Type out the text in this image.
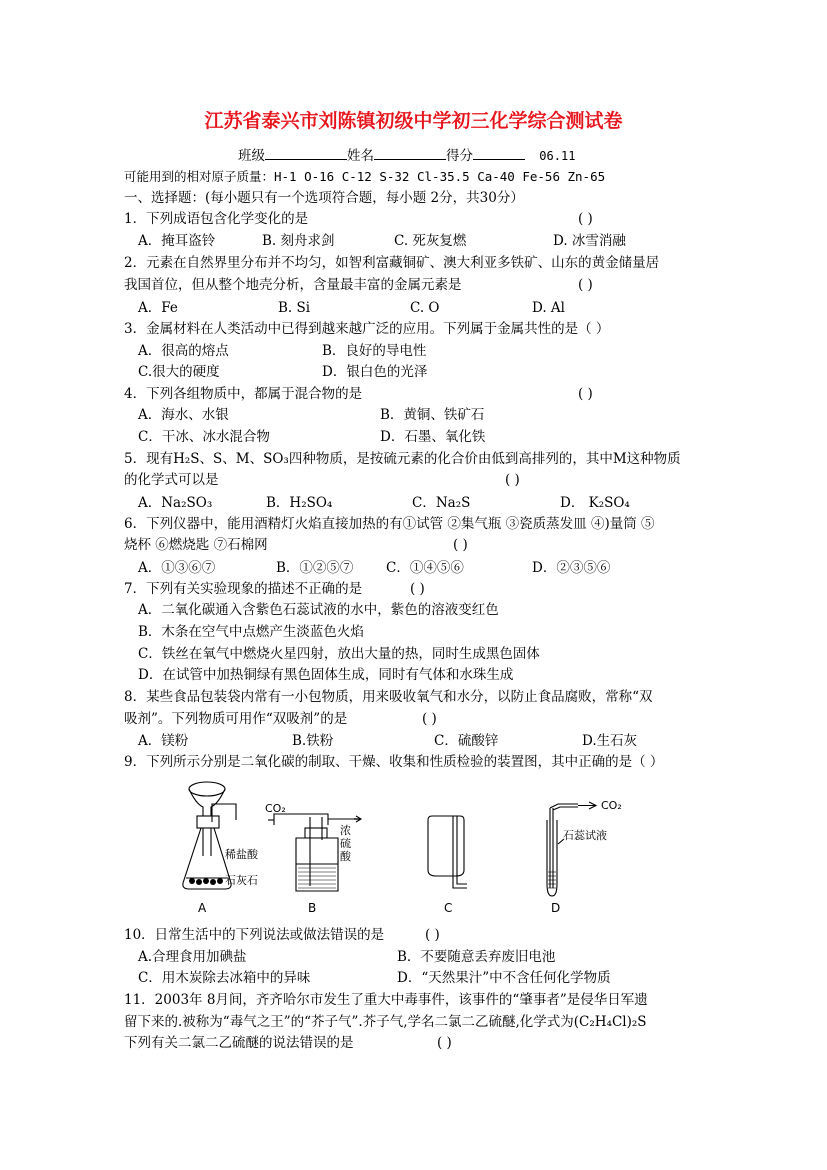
江苏省泰兴市刘陈镇初级中学初三化学综合测试卷
班级	姓名	得分	06.11
可能用到的相对原子质量：H-1 O-16 C-12 S-32 Cl-35.5 Ca-40 Fe-56 Zn-65
一、选择题：(每小题只有一个选项符合题，每小题 2分，共30分）
1．下列成语包含化学变化的是	( )
A．掩耳盗铃	B. 刻舟求剑	C. 死灰复燃	D. 冰雪消融
2．元素在自然界里分布并不均匀，如智利富藏铜矿、澳大利亚多铁矿、山东的黄金储量居
我国首位，但从整个地壳分析，含量最丰富的金属元素是	( )
A．Fe	B. Si	C. O	D. Al
3．金属材料在人类活动中已得到越来越广泛的应用。下列属于金属共性的是（ ）
A．很高的熔点	B．良好的导电性
C.很大的硬度	D．银白色的光泽
4．下列各组物质中，都属于混合物的是	( )
A．海水、水银	B．黄铜、铁矿石
C．干冰、冰水混合物	D．石墨、氧化铁
5．现有H₂S、S、M、SO₃四种物质，是按硫元素的化合价由低到高排列的，其中M这种物质
的化学式可以是	( )
A．Na₂SO₃	B．H₂SO₄	C．Na₂S	D． K₂SO₄
6．下列仪器中，能用酒精灯火焰直接加热的有①试管 ②集气瓶 ③瓷质蒸发皿 ④)量筒 ⑤
烧杯 ⑥燃烧匙 ⑦石棉网	( )
A．①③⑥⑦	B．①②⑤⑦ C．①④⑤⑥	D．②③⑤⑥
7．下列有关实验现象的描述不正确的是	( )
A．二氧化碳通入含紫色石蕊试液的水中，紫色的溶液变红色
B．木条在空气中点燃产生淡蓝色火焰
C．铁丝在氧气中燃烧火星四射，放出大量的热，同时生成黑色固体
D．在试管中加热铜绿有黑色固体生成，同时有气体和水珠生成
8．某些食品包装袋内常有一小包物质，用来吸收氧气和水分，以防止食品腐败，常称“双
吸剂”。下列物质可用作“双吸剂”的是	( )
A．镁粉	B.铁粉	C．硫酸锌	D.生石灰
9．下列所示分别是二氧化碳的制取、干燥、收集和性质检验的装置图，其中正确的是（ ）
CO₂
稀盐酸
石灰石
浓
硫
酸
CO₂
石蕊试液
A	B	C	D
10．日常生活中的下列说法或做法错误的是	( )
A.合理食用加碘盐	B．不要随意丢弃废旧电池
C．用木炭除去冰箱中的异味	D．“天然果汁”中不含任何化学物质
11．2003年 8月间，齐齐哈尔市发生了重大中毒事件，该事件的“肇事者”是侵华日军遗
留下来的.被称为“毒气之王”的“芥子气”.芥子气,学名二氯二乙硫醚,化学式为(C₂H₄Cl)₂S
下列有关二氯二乙硫醚的说法错误的是	( )
